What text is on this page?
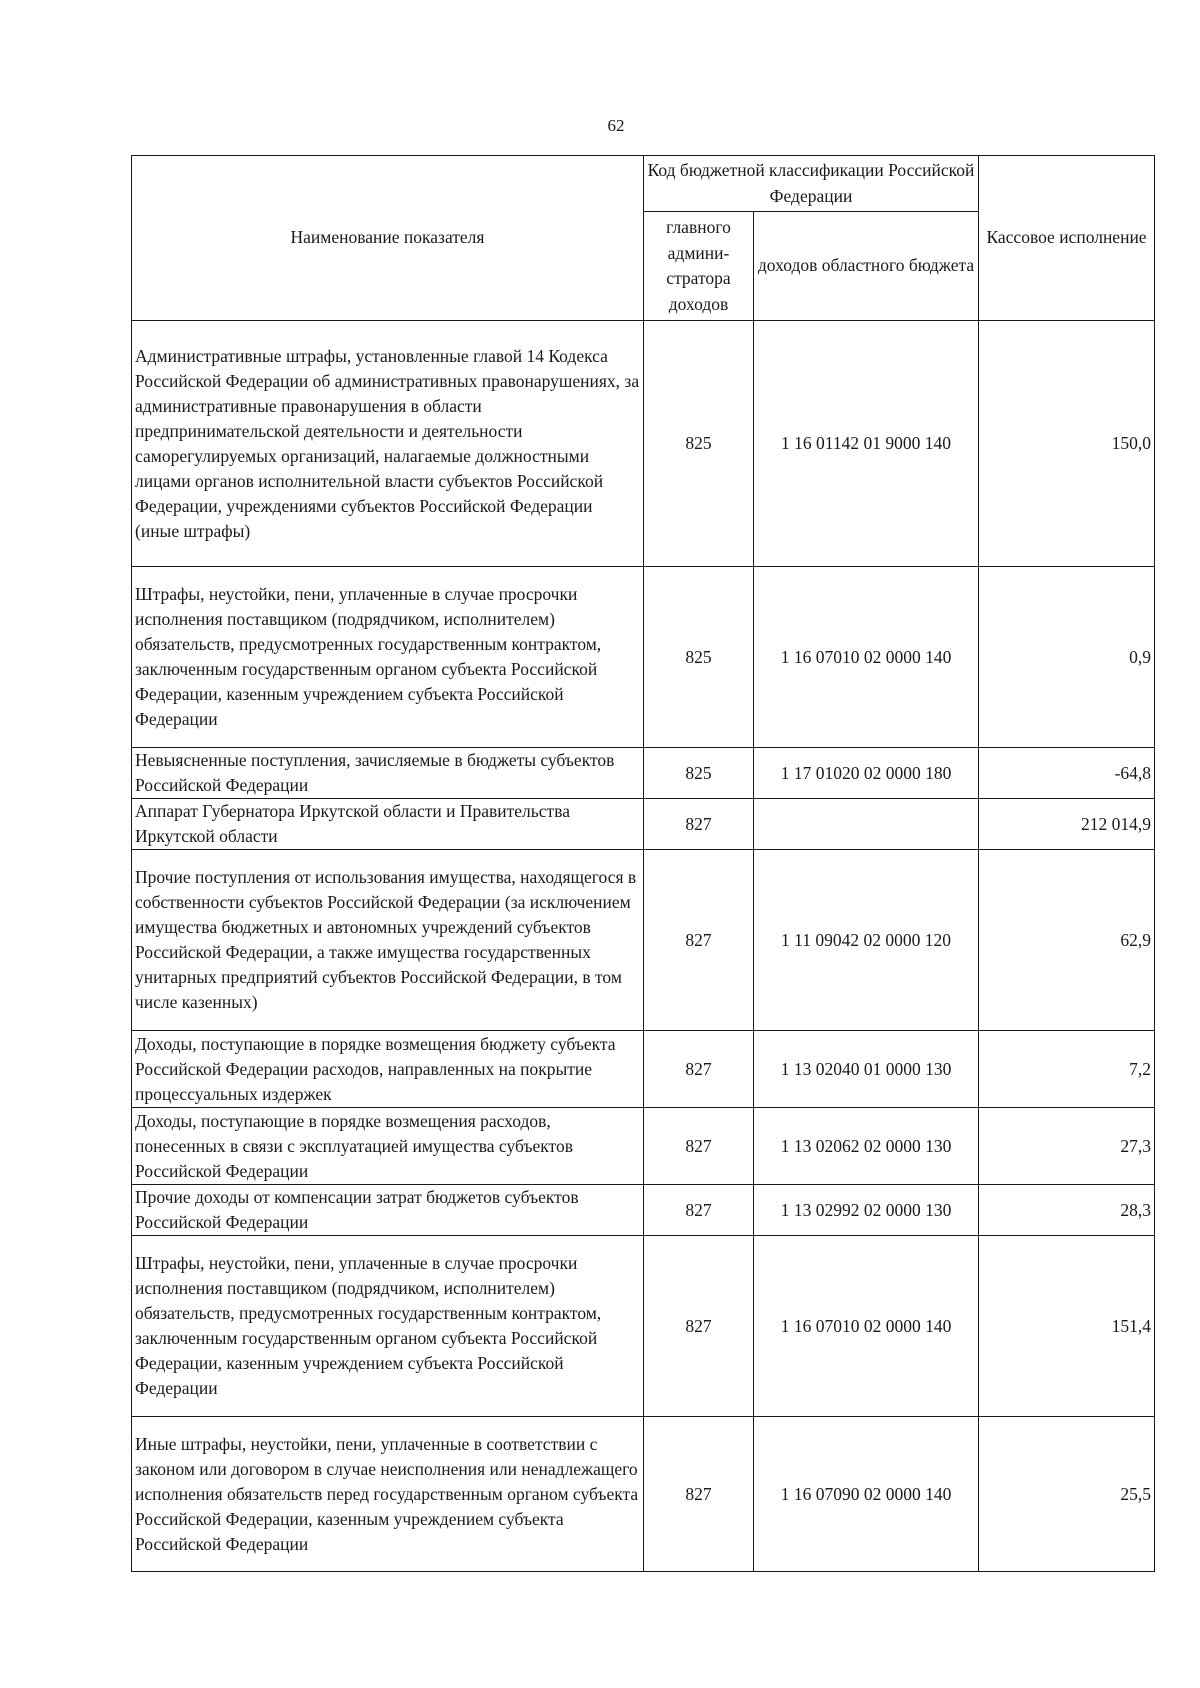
62
Наименование показателя	Код бюджетной классификации Российской Федерации		Кассовое исполнение
	главного админи-стратора доходов	доходов областного бюджета	
Административные штрафы, установленные главой 14 Кодекса Российской Федерации об административных правонарушениях, за административные правонарушения в области предпринимательской деятельности и деятельности саморегулируемых организаций, налагаемые должностными лицами органов исполнительной власти субъектов Российской Федерации, учреждениями субъектов Российской Федерации (иные штрафы)	825	1 16 01142 01 9000 140	150,0
Штрафы, неустойки, пени, уплаченные в случае просрочки исполнения поставщиком (подрядчиком, исполнителем) обязательств, предусмотренных государственным контрактом, заключенным государственным органом субъекта Российской Федерации, казенным учреждением субъекта Российской Федерации	825	1 16 07010 02 0000 140	0,9
Невыясненные поступления, зачисляемые в бюджеты субъектов Российской Федерации	825	1 17 01020 02 0000 180	-64,8
Аппарат Губернатора Иркутской области и Правительства Иркутской области	827		212 014,9
Прочие поступления от использования имущества, находящегося в собственности субъектов Российской Федерации (за исключением имущества бюджетных и автономных учреждений субъектов Российской Федерации, а также имущества государственных унитарных предприятий субъектов Российской Федерации, в том числе казенных)	827	1 11 09042 02 0000 120	62,9
Доходы, поступающие в порядке возмещения бюджету субъекта Российской Федерации расходов, направленных на покрытие процессуальных издержек	827	1 13 02040 01 0000 130	7,2
Доходы, поступающие в порядке возмещения расходов, понесенных в связи с эксплуатацией имущества субъектов Российской Федерации	827	1 13 02062 02 0000 130	27,3
Прочие доходы от компенсации затрат бюджетов субъектов Российской Федерации	827	1 13 02992 02 0000 130	28,3
Штрафы, неустойки, пени, уплаченные в случае просрочки исполнения поставщиком (подрядчиком, исполнителем) обязательств, предусмотренных государственным контрактом, заключенным государственным органом субъекта Российской Федерации, казенным учреждением субъекта Российской Федерации	827	1 16 07010 02 0000 140	151,4
Иные штрафы, неустойки, пени, уплаченные в соответствии с законом или договором в случае неисполнения или ненадлежащего исполнения обязательств перед государственным органом субъекта Российской Федерации, казенным учреждением субъекта Российской Федерации	827	1 16 07090 02 0000 140	25,5
